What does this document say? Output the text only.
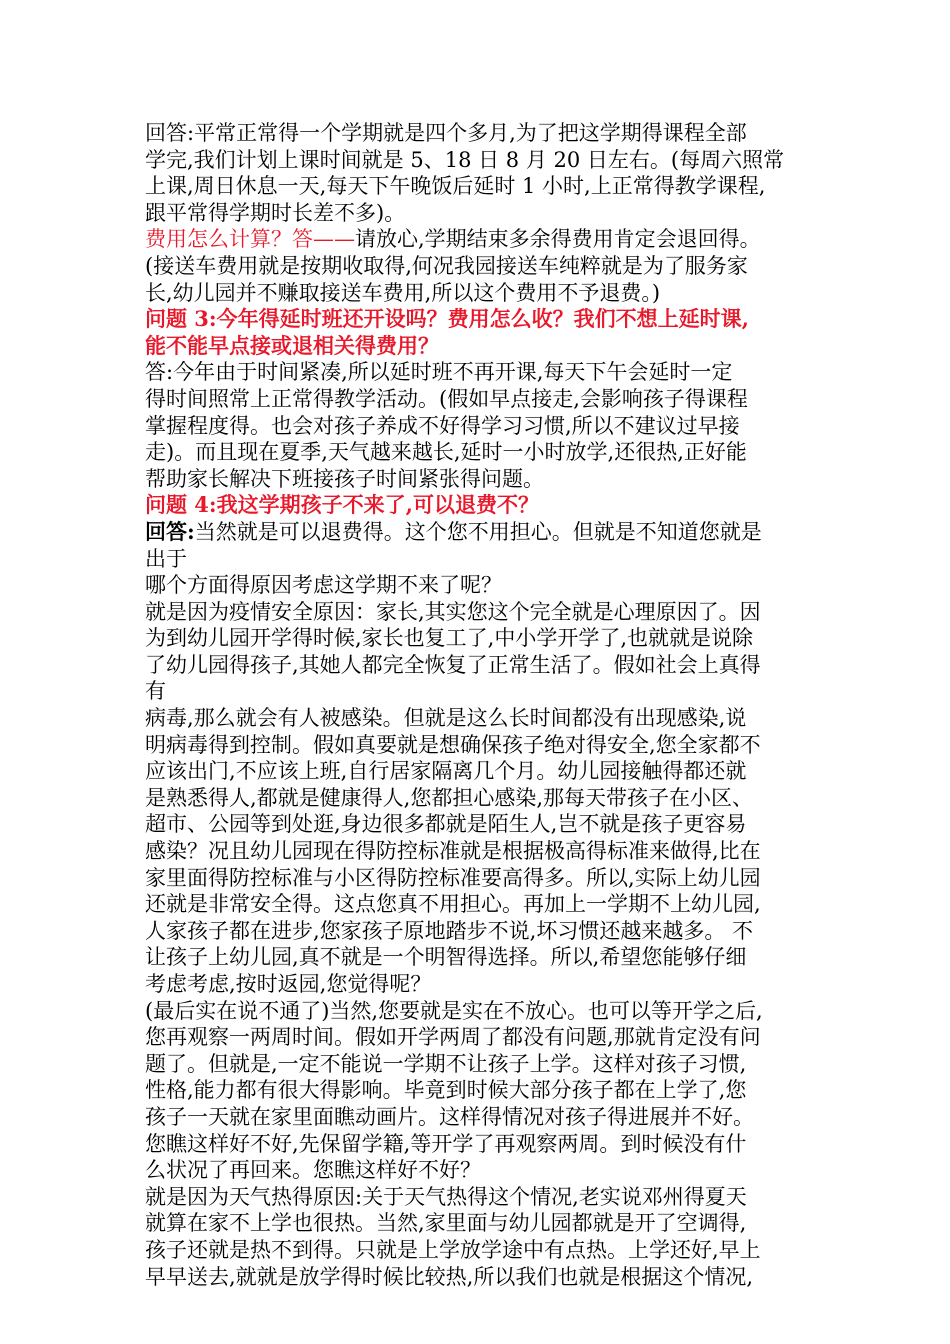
回答:平常正常得一个学期就是四个多月,为了把这学期得课程全部
学完,我们计划上课时间就是 5、18 日 8 月 20 日左右。(每周六照常
上课,周日休息一天,每天下午晚饭后延时 1 小时,上正常得教学课程,
跟平常得学期时长差不多)。
费用怎么计算？答——请放心,学期结束多余得费用肯定会退回得。
(接送车费用就是按期收取得,何况我园接送车纯粹就是为了服务家
长,幼儿园并不赚取接送车费用,所以这个费用不予退费。)
问题 3:今年得延时班还开设吗？费用怎么收？我们不想上延时课,
能不能早点接或退相关得费用？
答:今年由于时间紧凑,所以延时班不再开课,每天下午会延时一定
得时间照常上正常得教学活动。(假如早点接走,会影响孩子得课程
掌握程度得。也会对孩子养成不好得学习习惯,所以不建议过早接
走)。而且现在夏季,天气越来越长,延时一小时放学,还很热,正好能
帮助家长解决下班接孩子时间紧张得问题。
问题 4:我这学期孩子不来了,可以退费不？
回答:当然就是可以退费得。这个您不用担心。但就是不知道您就是
出于
哪个方面得原因考虑这学期不来了呢？
就是因为疫情安全原因：家长,其实您这个完全就是心理原因了。因
为到幼儿园开学得时候,家长也复工了,中小学开学了,也就就是说除
了幼儿园得孩子,其她人都完全恢复了正常生活了。假如社会上真得
有
病毒,那么就会有人被感染。但就是这么长时间都没有出现感染,说
明病毒得到控制。假如真要就是想确保孩子绝对得安全,您全家都不
应该出门,不应该上班,自行居家隔离几个月。幼儿园接触得都还就
是熟悉得人,都就是健康得人,您都担心感染,那每天带孩子在小区、
超市、公园等到处逛,身边很多都就是陌生人,岂不就是孩子更容易
感染？况且幼儿园现在得防控标准就是根据极高得标准来做得,比在
家里面得防控标准与小区得防控标准要高得多。所以,实际上幼儿园
还就是非常安全得。这点您真不用担心。再加上一学期不上幼儿园,
人家孩子都在进步,您家孩子原地踏步不说,坏习惯还越来越多。 不
让孩子上幼儿园,真不就是一个明智得选择。所以,希望您能够仔细
考虑考虑,按时返园,您觉得呢？
(最后实在说不通了)当然,您要就是实在不放心。也可以等开学之后,
您再观察一两周时间。假如开学两周了都没有问题,那就肯定没有问
题了。但就是,一定不能说一学期不让孩子上学。这样对孩子习惯,
性格,能力都有很大得影响。毕竟到时候大部分孩子都在上学了,您
孩子一天就在家里面瞧动画片。这样得情况对孩子得进展并不好。
您瞧这样好不好,先保留学籍,等开学了再观察两周。到时候没有什
么状况了再回来。您瞧这样好不好？
就是因为天气热得原因:关于天气热得这个情况,老实说邓州得夏天
就算在家不上学也很热。当然,家里面与幼儿园都就是开了空调得,
孩子还就是热不到得。只就是上学放学途中有点热。上学还好,早上
早早送去,就就是放学得时候比较热,所以我们也就是根据这个情况,
